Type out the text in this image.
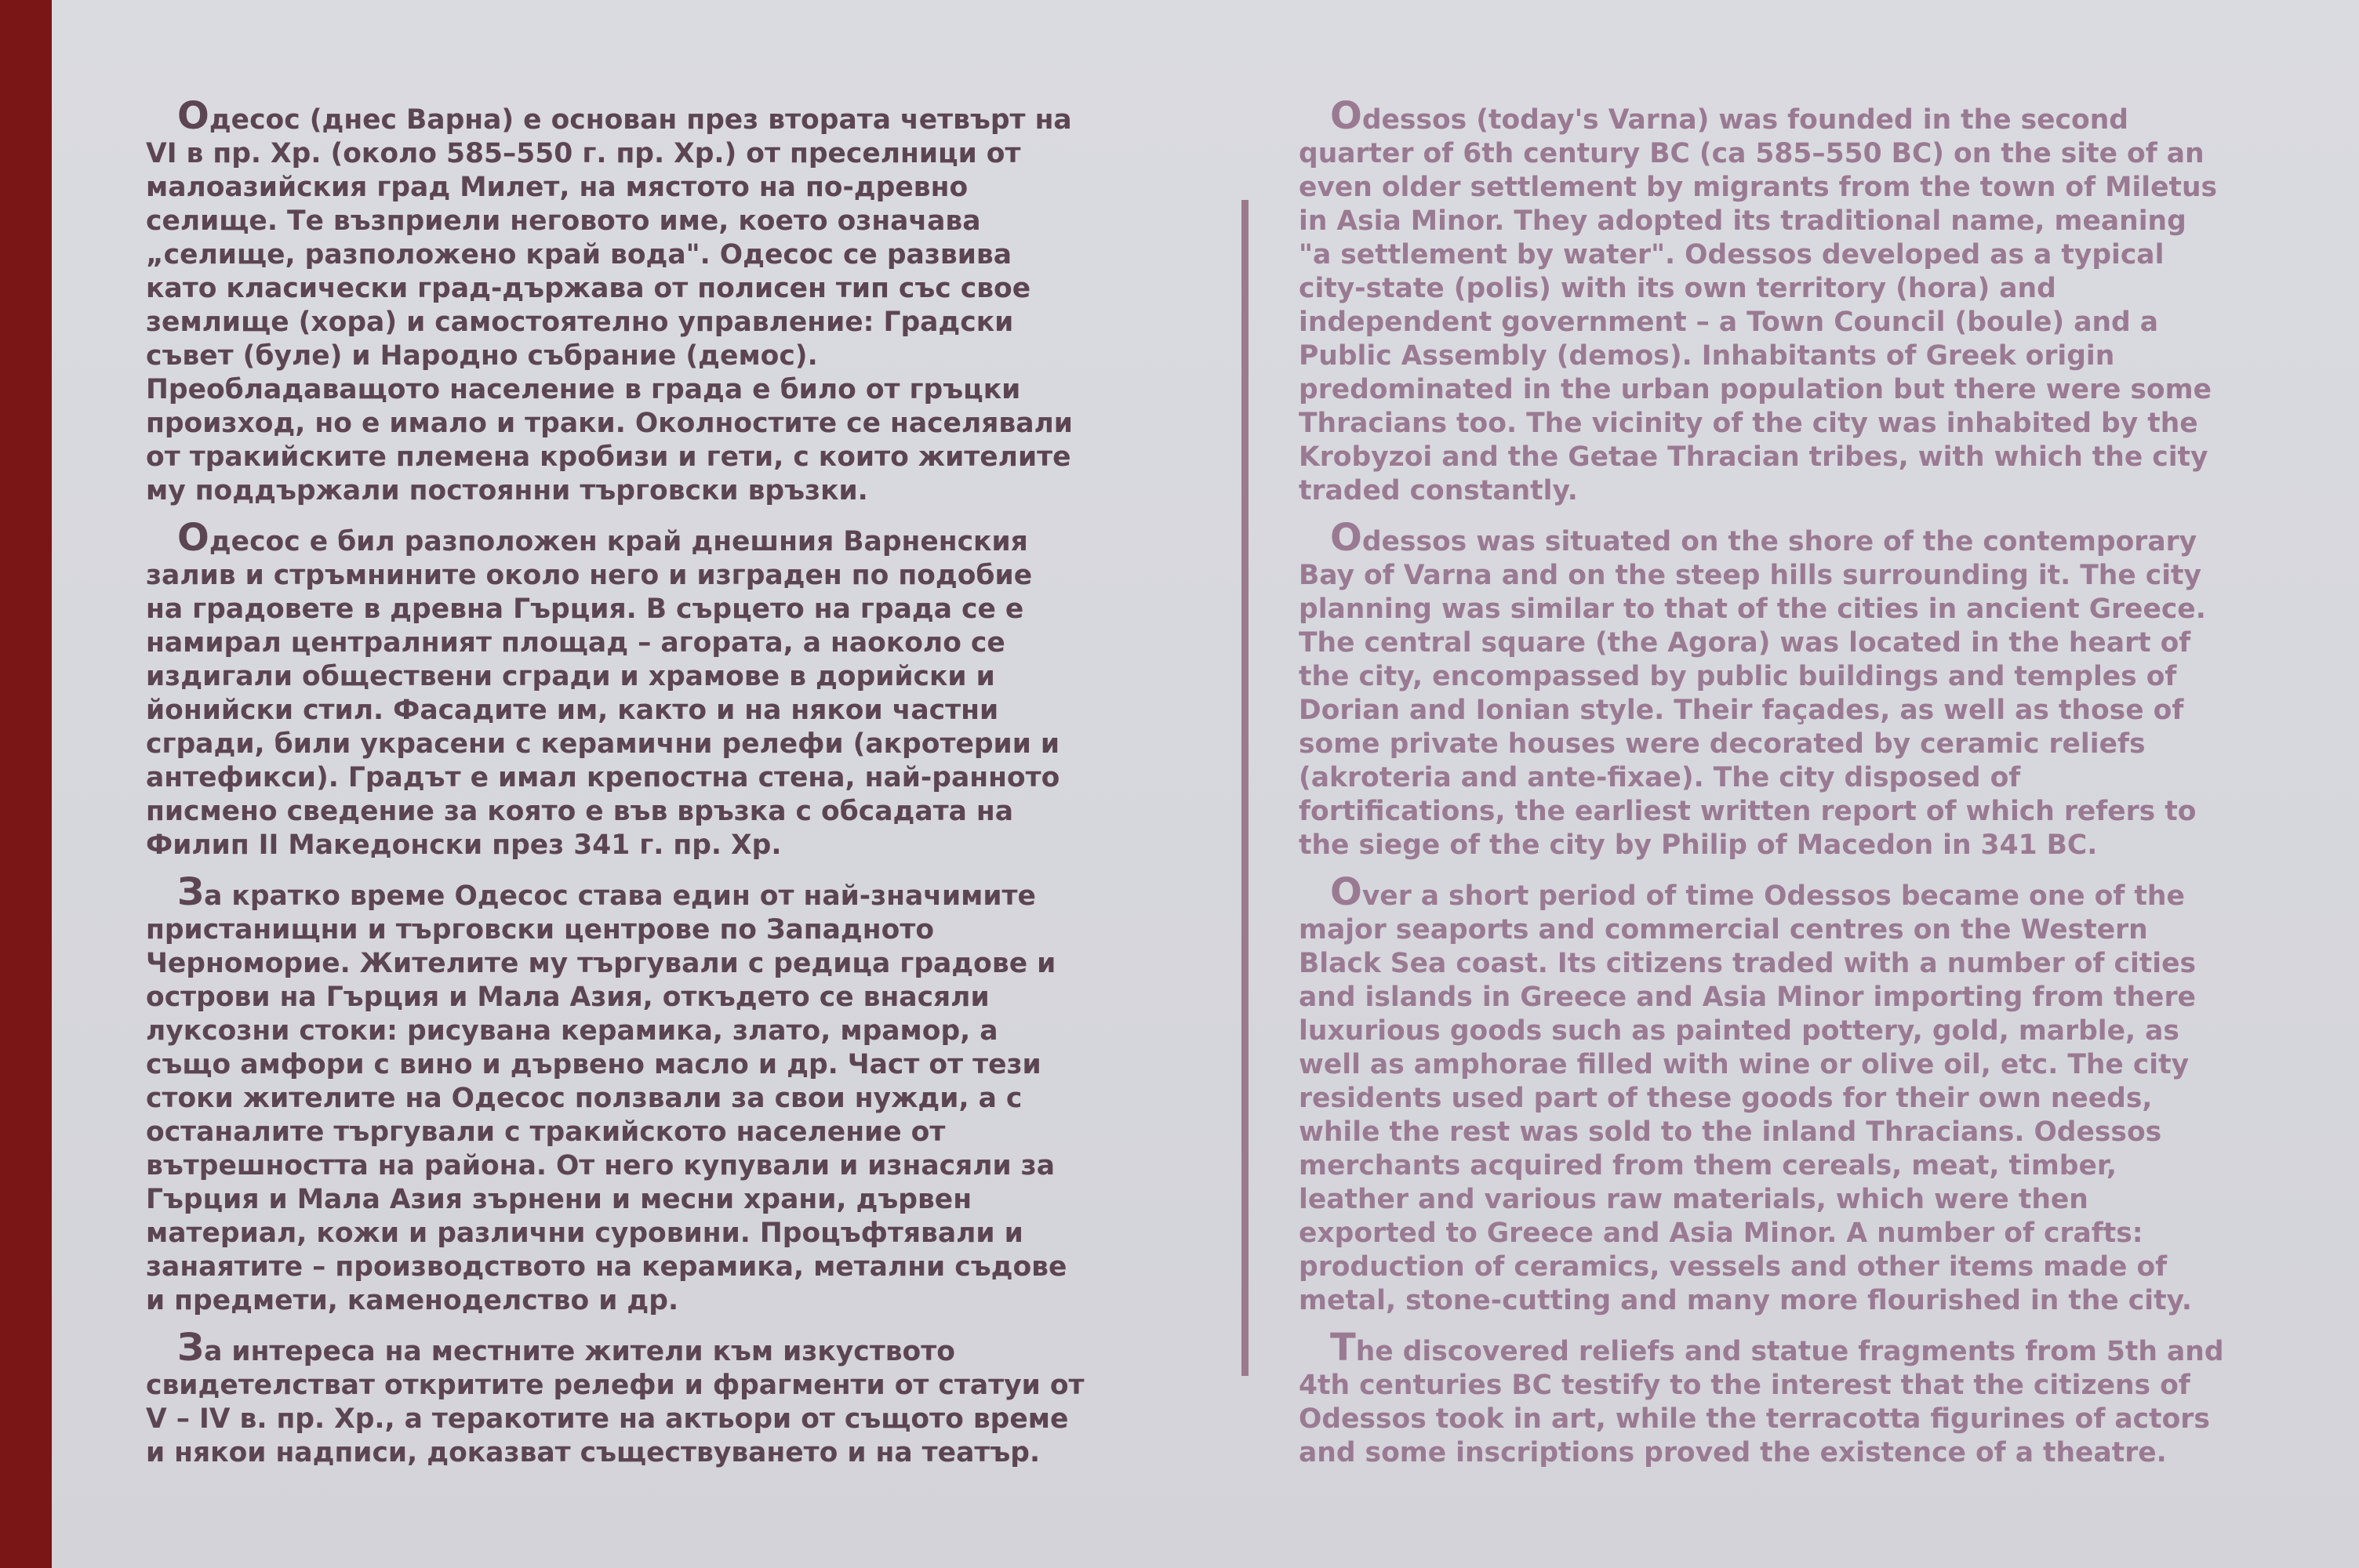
Одесос (днес Варна) е основан през втората четвърт на
VI в пр. Хр. (около 585–550 г. пр. Хр.) от преселници от
малоазийския град Милет, на мястото на по-древно
селище. Те възприели неговото име, което означава
„селище, разположено край вода". Одесос се развива
като класически град-държава от полисен тип със свое
землище (хора) и самостоятелно управление: Градски
съвет (буле) и Народно събрание (демос).
Преобладаващото население в града е било от гръцки
произход, но е имало и траки. Околностите се населявали
от тракийските племена кробизи и гети, с които жителите
му поддържали постоянни търговски връзки.

Одесос е бил разположен край днешния Варненския
залив и стръмнините около него и изграден по подобие
на градовете в древна Гърция. В сърцето на града се е
намирал централният площад – агората, а наоколо се
издигали обществени сгради и храмове в дорийски и
йонийски стил. Фасадите им, както и на някои частни
сгради, били украсени с керамични релефи (акротерии и
антефикси). Градът е имал крепостна стена, най-ранното
писмено сведение за която е във връзка с обсадата на
Филип II Македонски през 341 г. пр. Хр.

За кратко време Одесос става един от най-значимите
пристанищни и търговски центрове по Западното
Черноморие. Жителите му търгували с редица градове и
острови на Гърция и Мала Азия, откъдето се внасяли
луксозни стоки: рисувана керамика, злато, мрамор, а
също амфори с вино и дървено масло и др. Част от тези
стоки жителите на Одесос ползвали за свои нужди, а с
останалите търгували с тракийското население от
вътрешността на района. От него купували и изнасяли за
Гърция и Мала Азия зърнени и месни храни, дървен
материал, кожи и различни суровини. Процъфтявали и
занаятите – производството на керамика, метални съдове
и предмети, каменоделство и др.

За интереса на местните жители към изкуството
свидетелстват откритите релефи и фрагменти от статуи от
V – IV в. пр. Хр., а теракотите на актьори от същото време
и някои надписи, доказват съществуването и на театър.

Odessos (today's Varna) was founded in the second
quarter of 6th century BC (ca 585–550 BC) on the site of an
even older settlement by migrants from the town of Miletus
in Asia Minor. They adopted its traditional name, meaning
"a settlement by water". Odessos developed as a typical
city-state (polis) with its own territory (hora) and
independent government – a Town Council (boule) and a
Public Assembly (demos). Inhabitants of Greek origin
predominated in the urban population but there were some
Thracians too. The vicinity of the city was inhabited by the
Krobyzoi and the Getae Thracian tribes, with which the city
traded constantly.

Odessos was situated on the shore of the contemporary
Bay of Varna and on the steep hills surrounding it. The city
planning was similar to that of the cities in ancient Greece.
The central square (the Agora) was located in the heart of
the city, encompassed by public buildings and temples of
Dorian and Ionian style. Their façades, as well as those of
some private houses were decorated by ceramic reliefs
(akroteria and ante-fixae). The city disposed of
fortifications, the earliest written report of which refers to
the siege of the city by Philip of Macedon in 341 BC.

Over a short period of time Odessos became one of the
major seaports and commercial centres on the Western
Black Sea coast. Its citizens traded with a number of cities
and islands in Greece and Asia Minor importing from there
luxurious goods such as painted pottery, gold, marble, as
well as amphorae filled with wine or olive oil, etc. The city
residents used part of these goods for their own needs,
while the rest was sold to the inland Thracians. Odessos
merchants acquired from them cereals, meat, timber,
leather and various raw materials, which were then
exported to Greece and Asia Minor. A number of crafts:
production of ceramics, vessels and other items made of
metal, stone-cutting and many more flourished in the city.

The discovered reliefs and statue fragments from 5th and
4th centuries BC testify to the interest that the citizens of
Odessos took in art, while the terracotta figurines of actors
and some inscriptions proved the existence of a theatre.
